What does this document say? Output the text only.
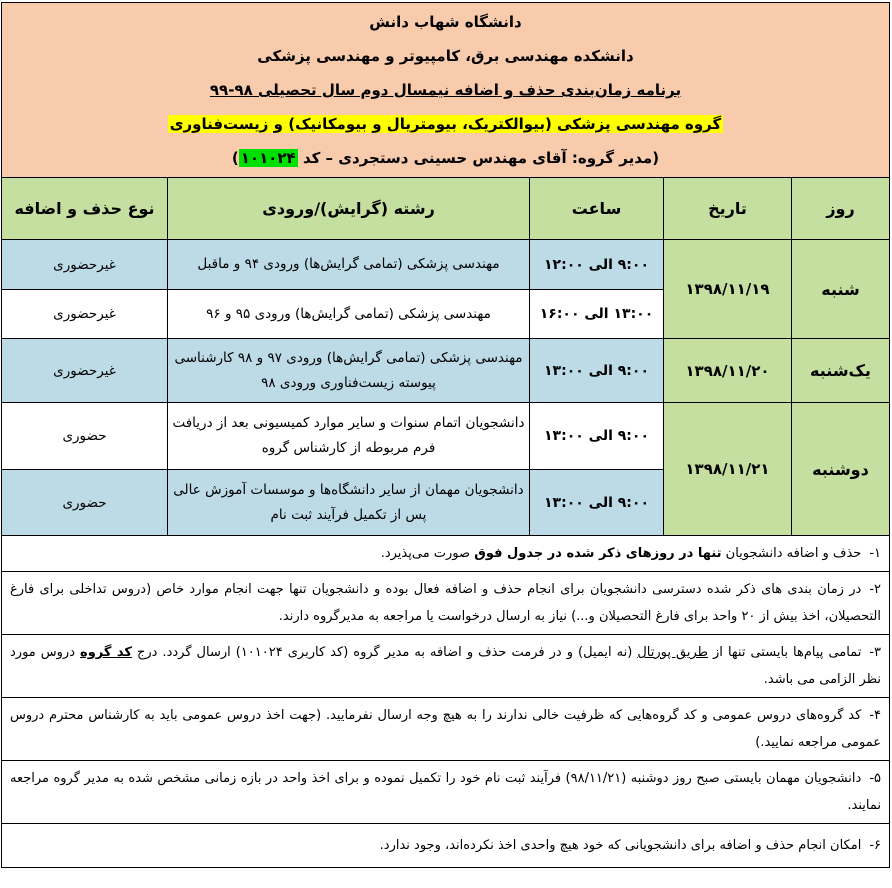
دانشگاه شهاب دانش
دانشکده مهندسی برق، کامپیوتر و مهندسی پزشکی
برنامه زمان‌بندی حذف و اضافه نیمسال دوم سال تحصیلی ۹۸-۹۹
گروه مهندسی پزشکی (بیوالکتریک، بیومتریال و بیومکانیک) و زیست‌فناوری
(مدیر گروه: آقای مهندس حسینی دستجردی – کد ۱۰۱۰۲۴)				

روز	تاریخ	ساعت	رشته (گرایش)/ورودی	نوع حذف و اضافه
شنبه	۱۳۹۸/۱۱/۱۹	۹:۰۰ الی ۱۲:۰۰	مهندسی پزشکی (تمامی گرایش‌ها) ورودی ۹۴ و ماقبل	غیرحضوری
		۱۳:۰۰ الی ۱۶:۰۰	مهندسی پزشکی (تمامی گرایش‌ها) ورودی ۹۵ و ۹۶	غیرحضوری
یک‌شنبه	۱۳۹۸/۱۱/۲۰	۹:۰۰ الی ۱۳:۰۰	مهندسی پزشکی (تمامی گرایش‌ها) ورودی ۹۷ و ۹۸ کارشناسی پیوسته زیست‌فناوری ورودی ۹۸	غیرحضوری
دوشنبه	۱۳۹۸/۱۱/۲۱	۹:۰۰ الی ۱۳:۰۰	دانشجویان اتمام سنوات و سایر موارد کمیسیونی بعد از دریافت فرم مربوطه از کارشناس گروه	حضوری
		۹:۰۰ الی ۱۳:۰۰	دانشجویان مهمان از سایر دانشگاه‌ها و موسسات آموزش عالی پس از تکمیل فرآیند ثبت نام	حضوری
۱-حذف و اضافه دانشجویان تنها در روزهای ذکر شده در جدول فوق صورت می‌پذیرد.				
۲-در زمان بندی های ذکر شده دسترسی دانشجویان برای انجام حذف و اضافه فعال بوده و دانشجویان تنها جهت انجام موارد خاص (دروس تداخلی برای فارغ التحصیلان، اخذ بیش از ۲۰ واحد برای فارغ التحصیلان و...) نیاز به ارسال درخواست یا مراجعه به مدیرگروه دارند.				
۳-تمامی پیام‌ها بایستی تنها از طریق پورتال (نه ایمیل) و در فرمت حذف و اضافه به مدیر گروه (کد کاربری ۱۰۱۰۲۴) ارسال گردد. درج کد گروه دروس مورد نظر الزامی می باشد.				
۴-کد گروه‌های دروس عمومی و کد گروه‌هایی که ظرفیت خالی ندارند را به هیچ وجه ارسال نفرمایید. (جهت اخذ دروس عمومی باید به کارشناس محترم دروس عمومی مراجعه نمایید.)				
۵-دانشجویان مهمان بایستی صبح روز دوشنبه (۹۸/۱۱/۲۱) فرآیند ثبت نام خود را تکمیل نموده و برای اخذ واحد در بازه زمانی مشخص شده به مدیر گروه مراجعه نمایند.				
۶-امکان انجام حذف و اضافه برای دانشجویانی که خود هیچ واحدی اخذ نکرده‌اند، وجود ندارد.				
